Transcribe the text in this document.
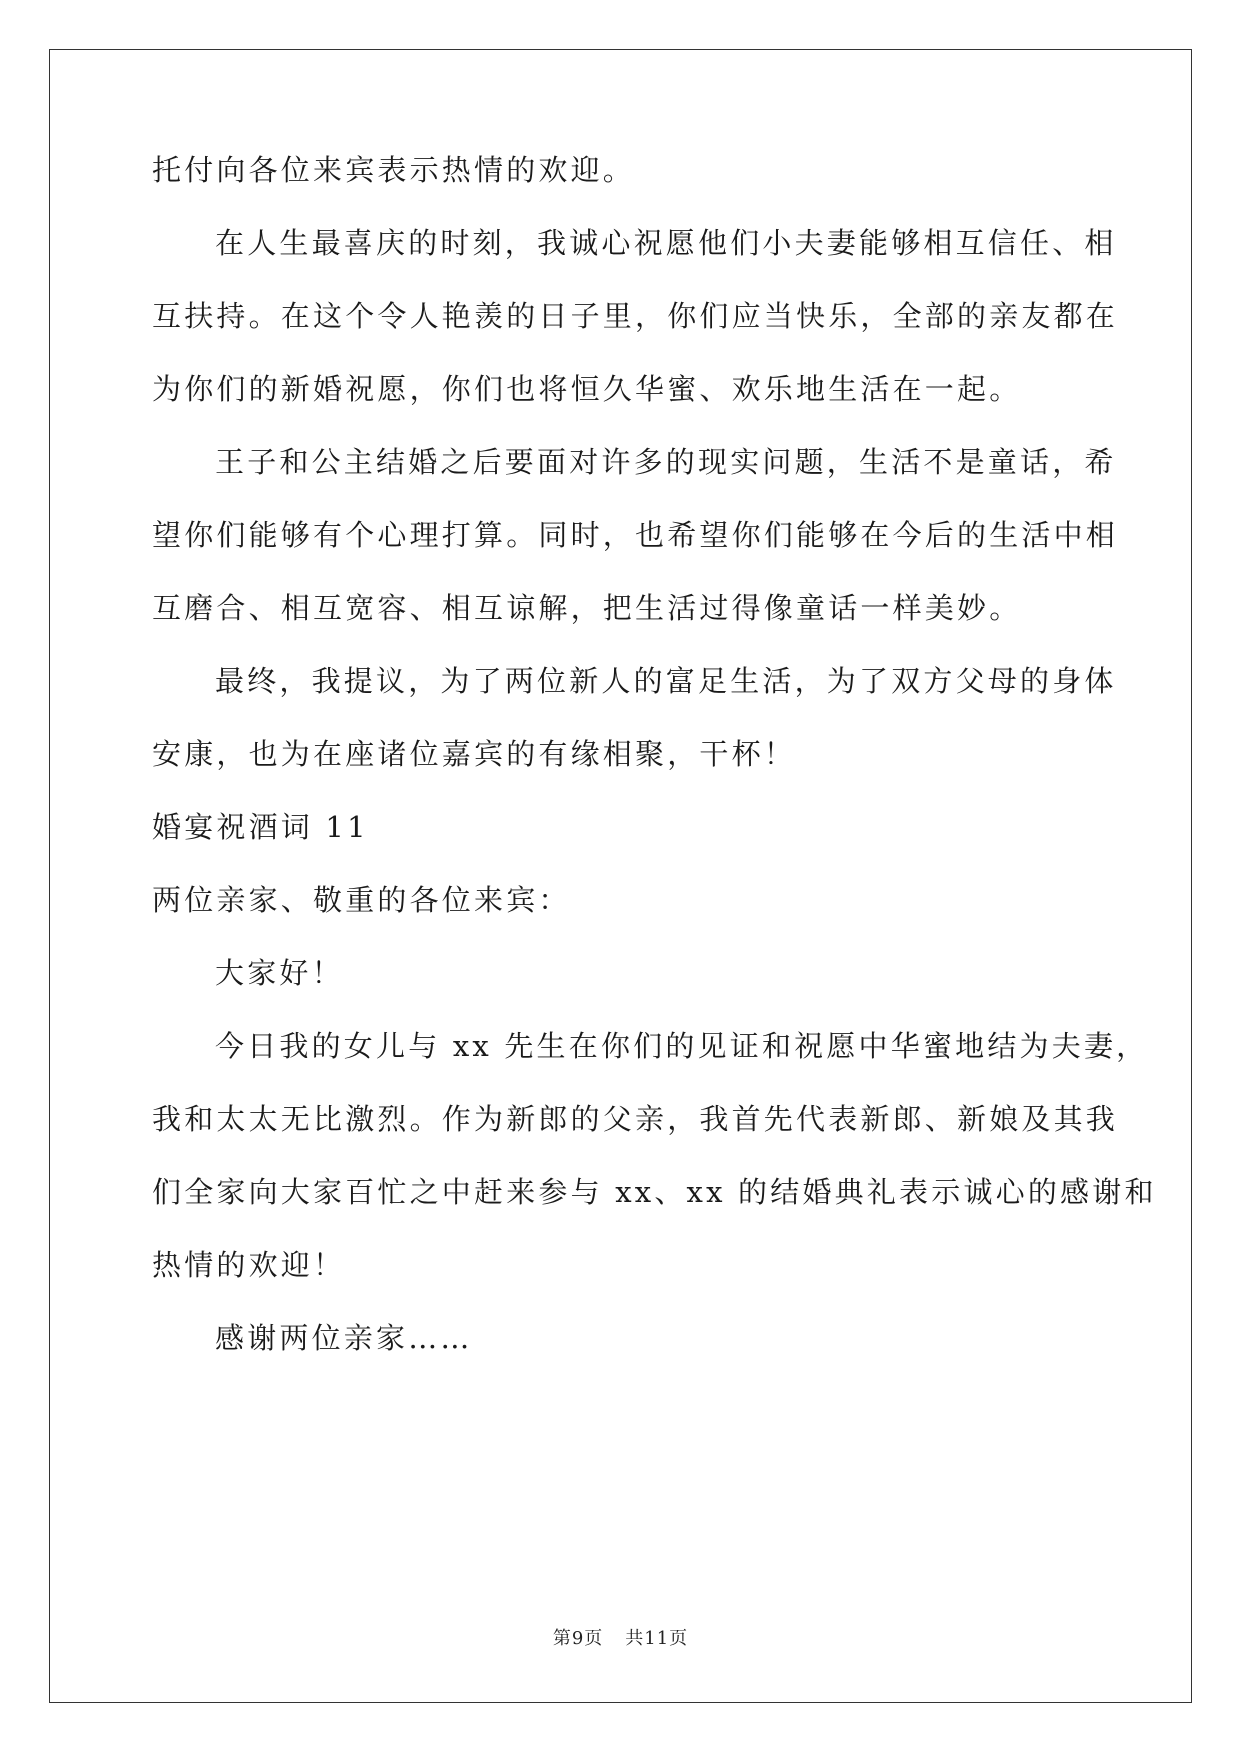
托付向各位来宾表示热情的欢迎。
在人生最喜庆的时刻，我诚心祝愿他们小夫妻能够相互信任、相
互扶持。在这个令人艳羡的日子里，你们应当快乐，全部的亲友都在
为你们的新婚祝愿，你们也将恒久华蜜、欢乐地生活在一起。
王子和公主结婚之后要面对许多的现实问题，生活不是童话，希
望你们能够有个心理打算。同时，也希望你们能够在今后的生活中相
互磨合、相互宽容、相互谅解，把生活过得像童话一样美妙。
最终，我提议，为了两位新人的富足生活，为了双方父母的身体
安康，也为在座诸位嘉宾的有缘相聚，干杯！
婚宴祝酒词 11
两位亲家、敬重的各位来宾：
大家好！
今日我的女儿与 xx 先生在你们的见证和祝愿中华蜜地结为夫妻，
我和太太无比激烈。作为新郎的父亲，我首先代表新郎、新娘及其我
们全家向大家百忙之中赶来参与 xx、xx 的结婚典礼表示诚心的感谢和
热情的欢迎！
感谢两位亲家……
第9页 共11页
